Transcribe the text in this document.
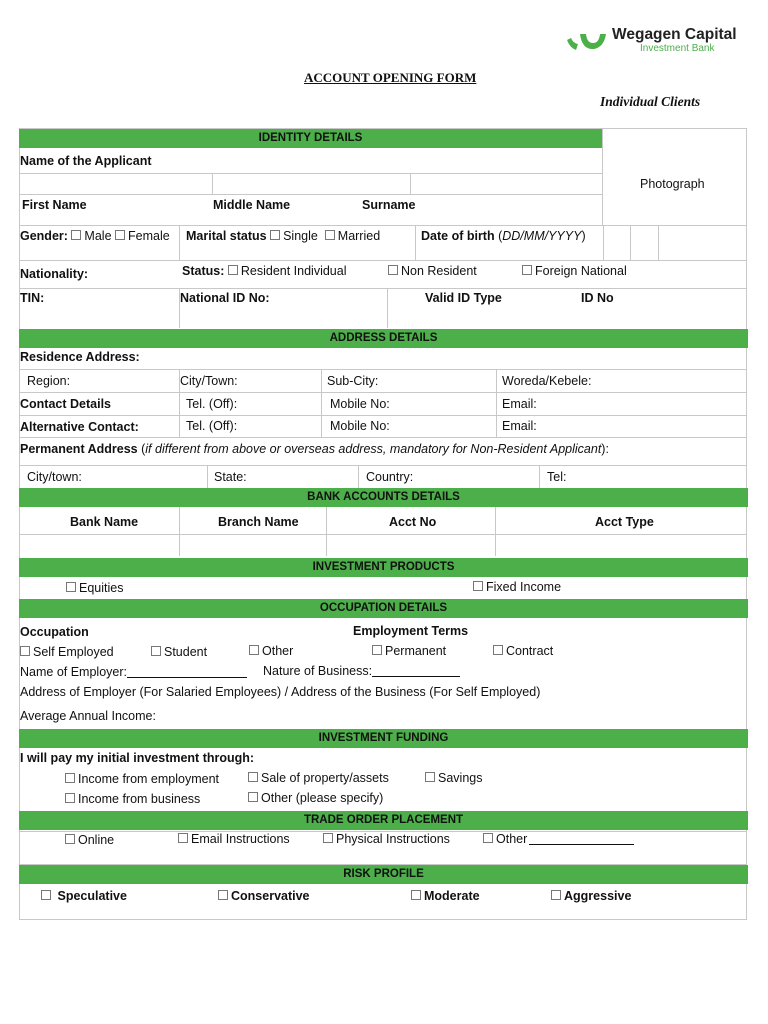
Wegagen Capital
Investment Bank
ACCOUNT OPENING FORM
Individual Clients
IDENTITY DETAILS
Photograph
Name of the Applicant
First Name	Middle Name	Surname
Gender: Male Female Marital status Single Married	Date of birth (DD/MM/YYYY)
Nationality:	Status: Resident Individual	Non Resident	Foreign National
TIN:	National ID No:	Valid ID Type	ID No
ADDRESS DETAILS
Residence Address:
Region:	City/Town:	Sub-City:	Woreda/Kebele:
Contact Details	Tel. (Off):	Mobile No:	Email:
Alternative Contact:	Tel. (Off):	Mobile No:	Email:
Permanent Address (if different from above or overseas address, mandatory for Non-Resident Applicant):
City/town:	State:	Country:	Tel:
BANK ACCOUNTS DETAILS
Bank Name	Branch Name	Acct No	Acct Type
INVESTMENT PRODUCTS
Equities	Fixed Income
OCCUPATION DETAILS
Occupation	Employment Terms
Self Employed	Student	Other	Permanent	Contract
Name of Employer:	Nature of Business:
Address of Employer (For Salaried Employees) / Address of the Business (For Self Employed)
Average Annual Income:
INVESTMENT FUNDING
I will pay my initial investment through:
Income from employment	Sale of property/assets	Savings
Income from business	Other (please specify)
TRADE ORDER PLACEMENT
Online	Email Instructions	Physical Instructions	Other
RISK PROFILE
Speculative	Conservative	Moderate	Aggressive
